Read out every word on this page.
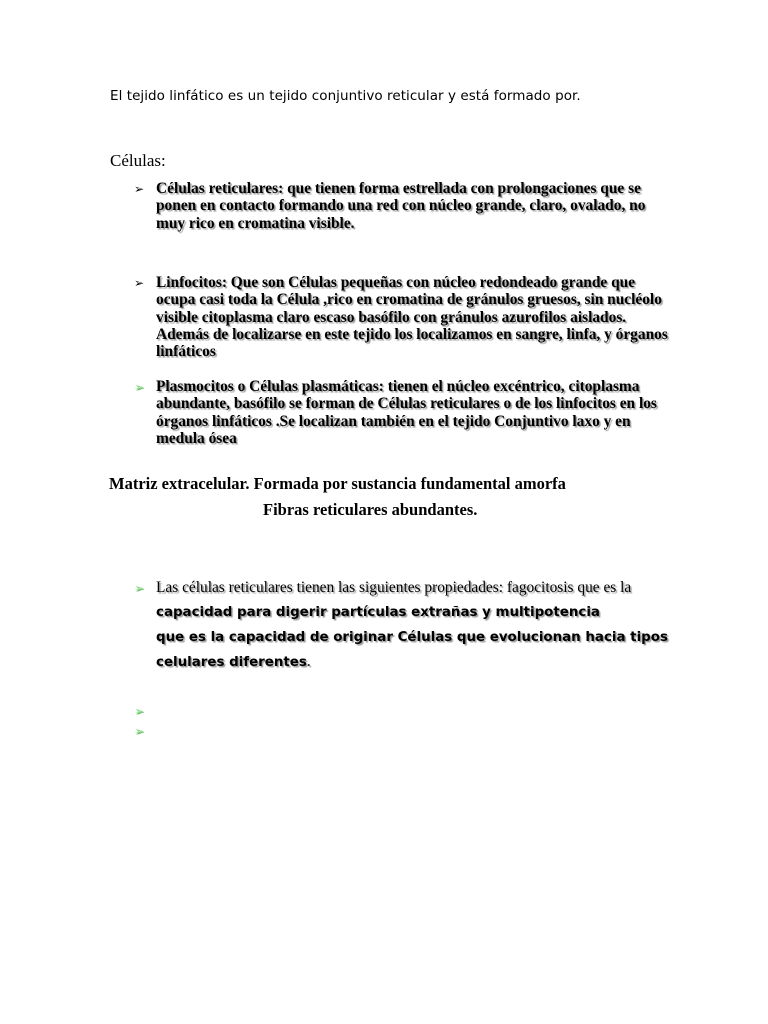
El tejido linfático es un tejido conjuntivo reticular y está formado por.
Células:
➢ Células reticulares: que tienen forma estrellada con prolongaciones que se ponen en contacto formando una red con núcleo grande, claro, ovalado, no muy rico en cromatina visible.
➢ Linfocitos: Que son Células pequeñas con núcleo redondeado grande que ocupa casi toda la Célula ,rico en cromatina de gránulos gruesos, sin nucléolo visible citoplasma claro escaso basófilo con gránulos azurofilos aislados. Además de localizarse en este tejido los localizamos en sangre, linfa, y órganos linfáticos
➢ Plasmocitos o Células plasmáticas: tienen el núcleo excéntrico, citoplasma abundante, basófilo se forman de Células reticulares o de los linfocitos en los órganos linfáticos .Se localizan también en el tejido Conjuntivo laxo y en medula ósea
Matriz extracelular. Formada por sustancia fundamental amorfa
Fibras reticulares abundantes.
➢ Las células reticulares tienen las siguientes propiedades: fagocitosis que es la capacidad para digerir partículas extrañas y multipotencia
que es la capacidad de originar Células que evolucionan hacia tipos celulares diferentes.
➢
➢
